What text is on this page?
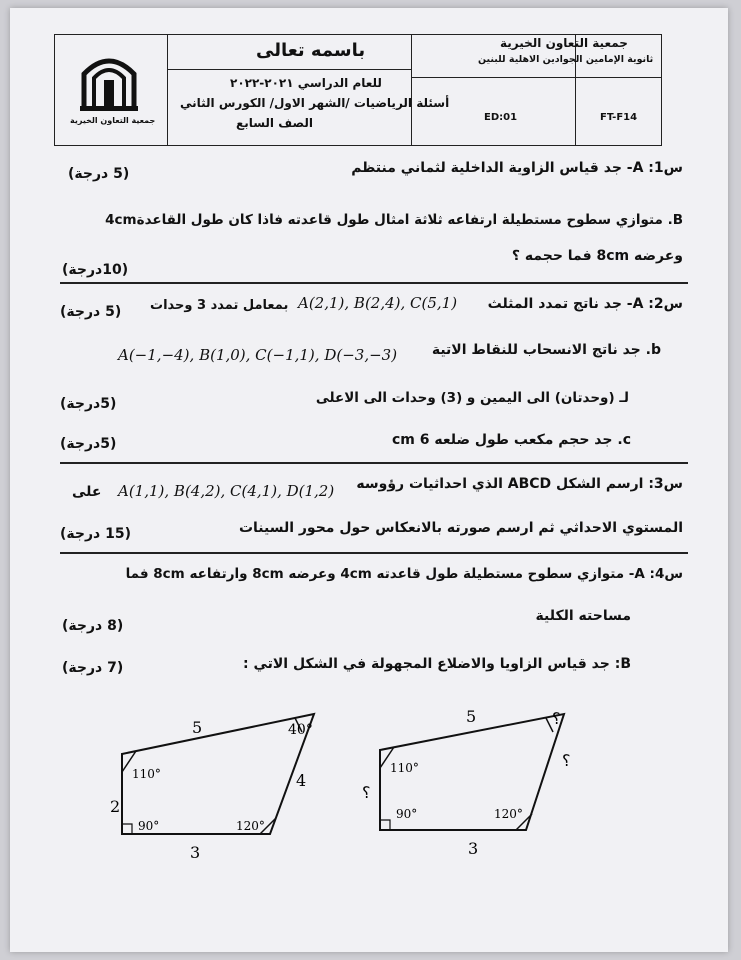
جمعية التعاون الخيرية
باسمه تعالى	جمعية التعاون الخيرية
ثانوية الإمامين الجوادين الاهلية للبنين
للعام الدراسي ٢٠٢١-٢٠٢٢
أسئلة الرياضيات /الشهر الاول/ الكورس الثاني
الصف السابع	ED:01	FT-F14
س1: A- جد قياس الزاوية الداخلية لثماني منتظم
(5 درجة)
B. متوازي سطوح مستطيلة ارتفاعه ثلاثة امثال طول قاعدته فاذا كان طول القاعدة4cm
وعرضه 8cm فما حجمه ؟
(10درجة)
س2: A- جد ناتج تمدد المثلث
A(2,1), B(2,4), C(5,1)
بمعامل تمدد 3 وحدات
(5 درجة)
b. جد ناتج الانسحاب للنقاط الاتية
A(−1,−4), B(1,0), C(−1,1), D(−3,−3)
لـ (وحدتان) الى اليمين و (3) وحدات الى الاعلى
(5درجة)
c. جد حجم مكعب طول ضلعه 6 cm
(5درجة)
س3: ارسم الشكل ABCD الذي احداثيات رؤوسه
A(1,1), B(4,2), C(4,1), D(1,2)
على
المستوي الاحداثي ثم ارسم صورته بالانعكاس حول محور السينات
(15 درجة)
س4: A- متوازي سطوح مستطيلة طول قاعدته 4cm وعرضه 8cm وارتفاعه 8cm فما
مساحته الكلية
(8 درجة)
B: جد قياس الزاويا والاضلاع المجهولة في الشكل الاتي :
(7 درجة)
5
4
2
3
40°
110°
90°	120°
5
؟
؟
3
؟
110°
90°	120°
